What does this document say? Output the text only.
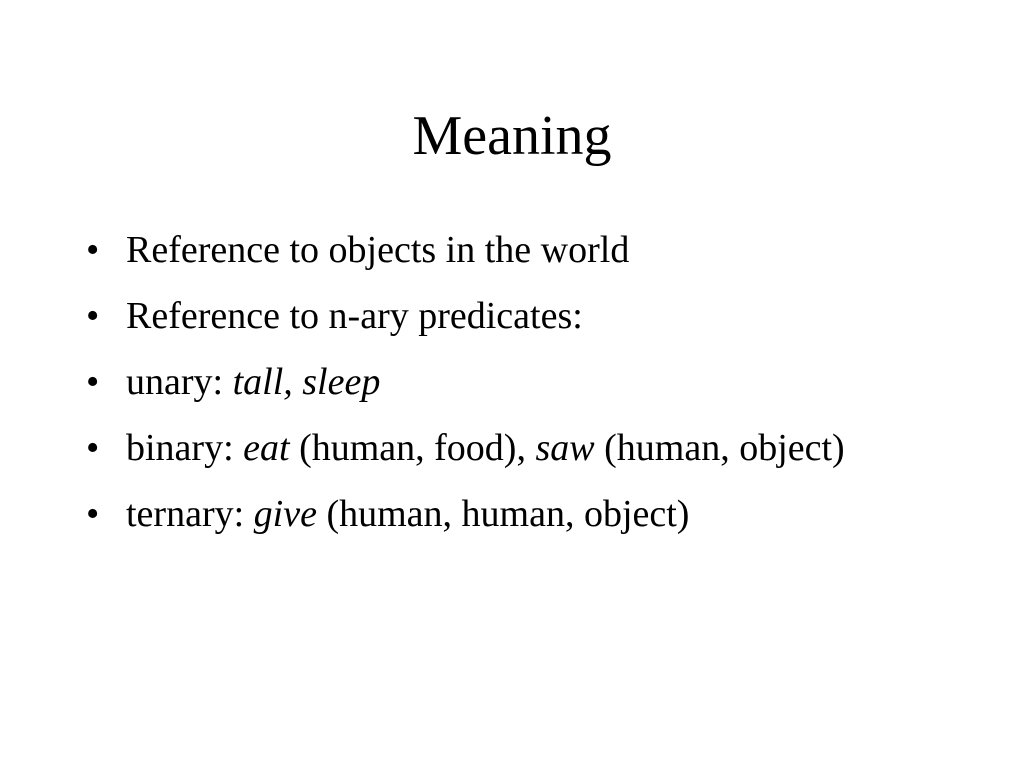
Meaning
• Reference to objects in the world
• Reference to n-ary predicates:
• unary: tall, sleep
• binary: eat (human, food), saw (human, object)
• ternary: give (human, human, object)
